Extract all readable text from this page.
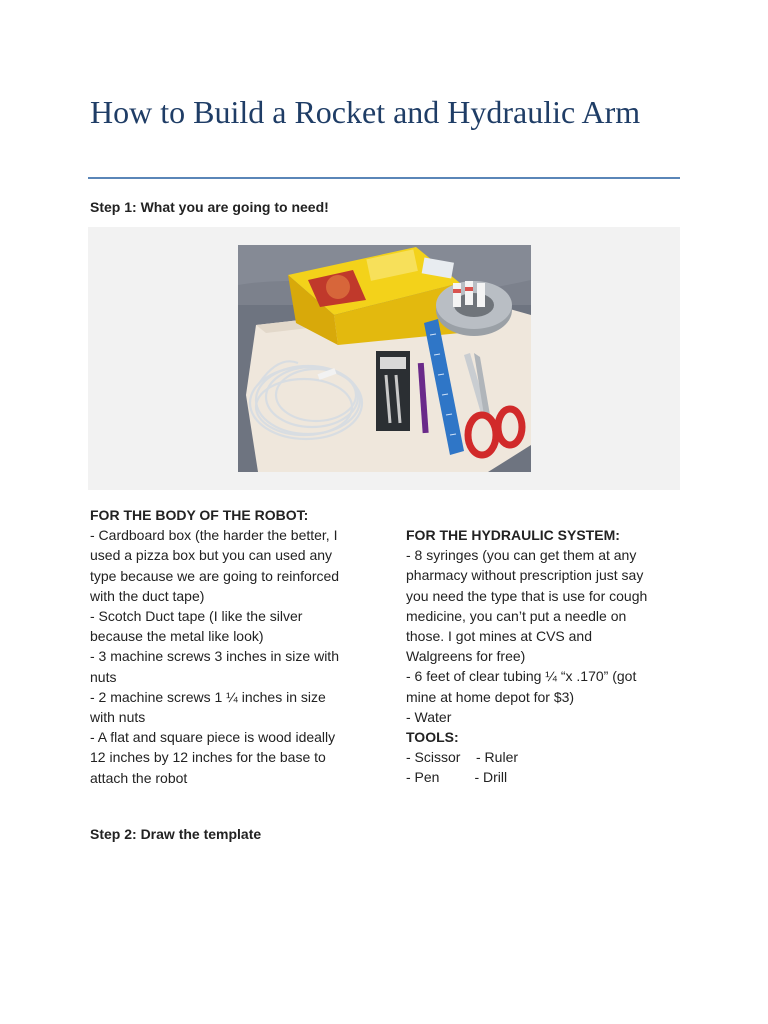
How to Build a Rocket and Hydraulic Arm

Step 1: What you are going to need!

FOR THE BODY OF THE ROBOT:
- Cardboard box (the harder the better, I
used a pizza box but you can used any
type because we are going to reinforced
with the duct tape)
- Scotch Duct tape (I like the silver
because the metal like look)
- 3 machine screws 3 inches in size with
nuts
- 2 machine screws 1 ¼ inches in size
with nuts
- A flat and square piece is wood ideally
12 inches by 12 inches for the base to
attach the robot
FOR THE HYDRAULIC SYSTEM:
- 8 syringes (you can get them at any
pharmacy without prescription just say
you need the type that is use for cough
medicine, you can’t put a needle on
those. I got mines at CVS and
Walgreens for free)
- 6 feet of clear tubing ¼ “x .170” (got
mine at home depot for $3)
- Water
TOOLS:
- Scissor    - Ruler
- Pen         - Drill

Step 2: Draw the template
